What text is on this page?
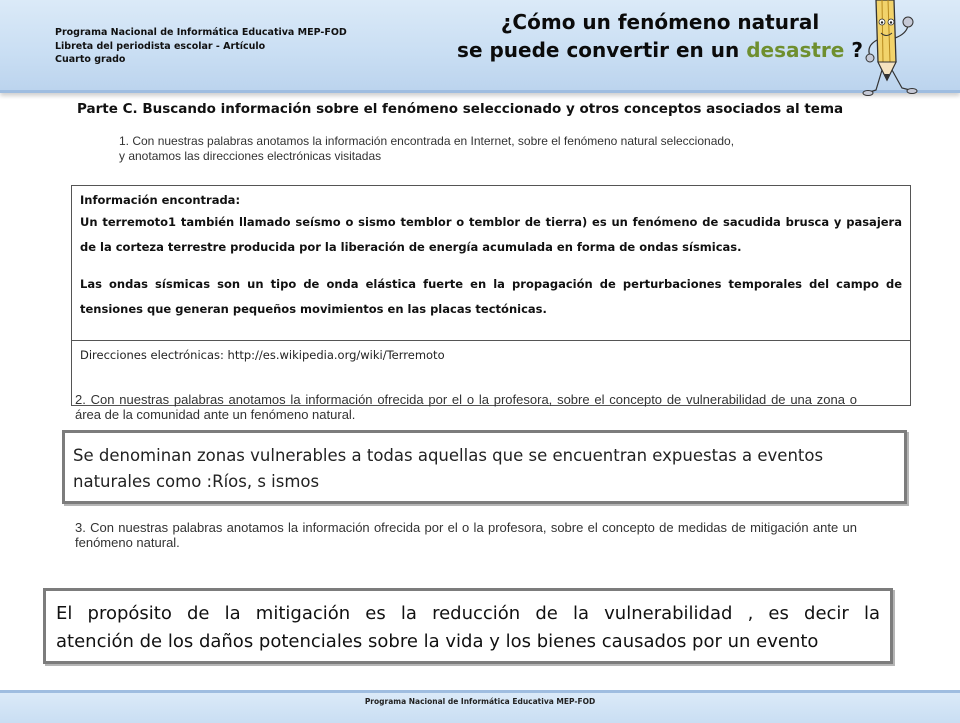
Programa Nacional de Informática Educativa MEP-FOD
Libreta del periodista escolar - Artículo
Cuarto grado
¿Cómo un fenómeno natural
se puede convertir en un desastre ?
Parte C. Buscando información sobre el fenómeno seleccionado y otros conceptos asociados al tema
1. Con nuestras palabras anotamos la información encontrada en Internet, sobre el fenómeno natural seleccionado,
y anotamos las direcciones electrónicas visitadas
Información encontrada:

Un terremoto1 también llamado seísmo o sismo temblor o temblor de tierra) es un fenómeno de sacudida brusca y pasajera de la corteza terrestre producida por la liberación de energía acumulada en forma de ondas sísmicas.

Las ondas sísmicas son un tipo de onda elástica fuerte en la propagación de perturbaciones temporales del campo de tensiones que generan pequeños movimientos en las placas tectónicas.

Direcciones electrónicas: http://es.wikipedia.org/wiki/Terremoto
2. Con nuestras palabras anotamos la información ofrecida por el o la profesora, sobre el concepto de vulnerabilidad de una zona o área de la comunidad ante un fenómeno natural.

Se denominan zonas vulnerables a todas aquellas que se encuentran expuestas a eventos

naturales como :Ríos, s ismos

3. Con nuestras palabras anotamos la información ofrecida por el o la profesora, sobre el concepto de medidas de mitigación ante un fenómeno natural.

El propósito de la mitigación es la reducción de la vulnerabilidad , es decir la

atención de los daños potenciales sobre la vida y los bienes causados por un evento

Programa Nacional de Informática Educativa MEP-FOD
